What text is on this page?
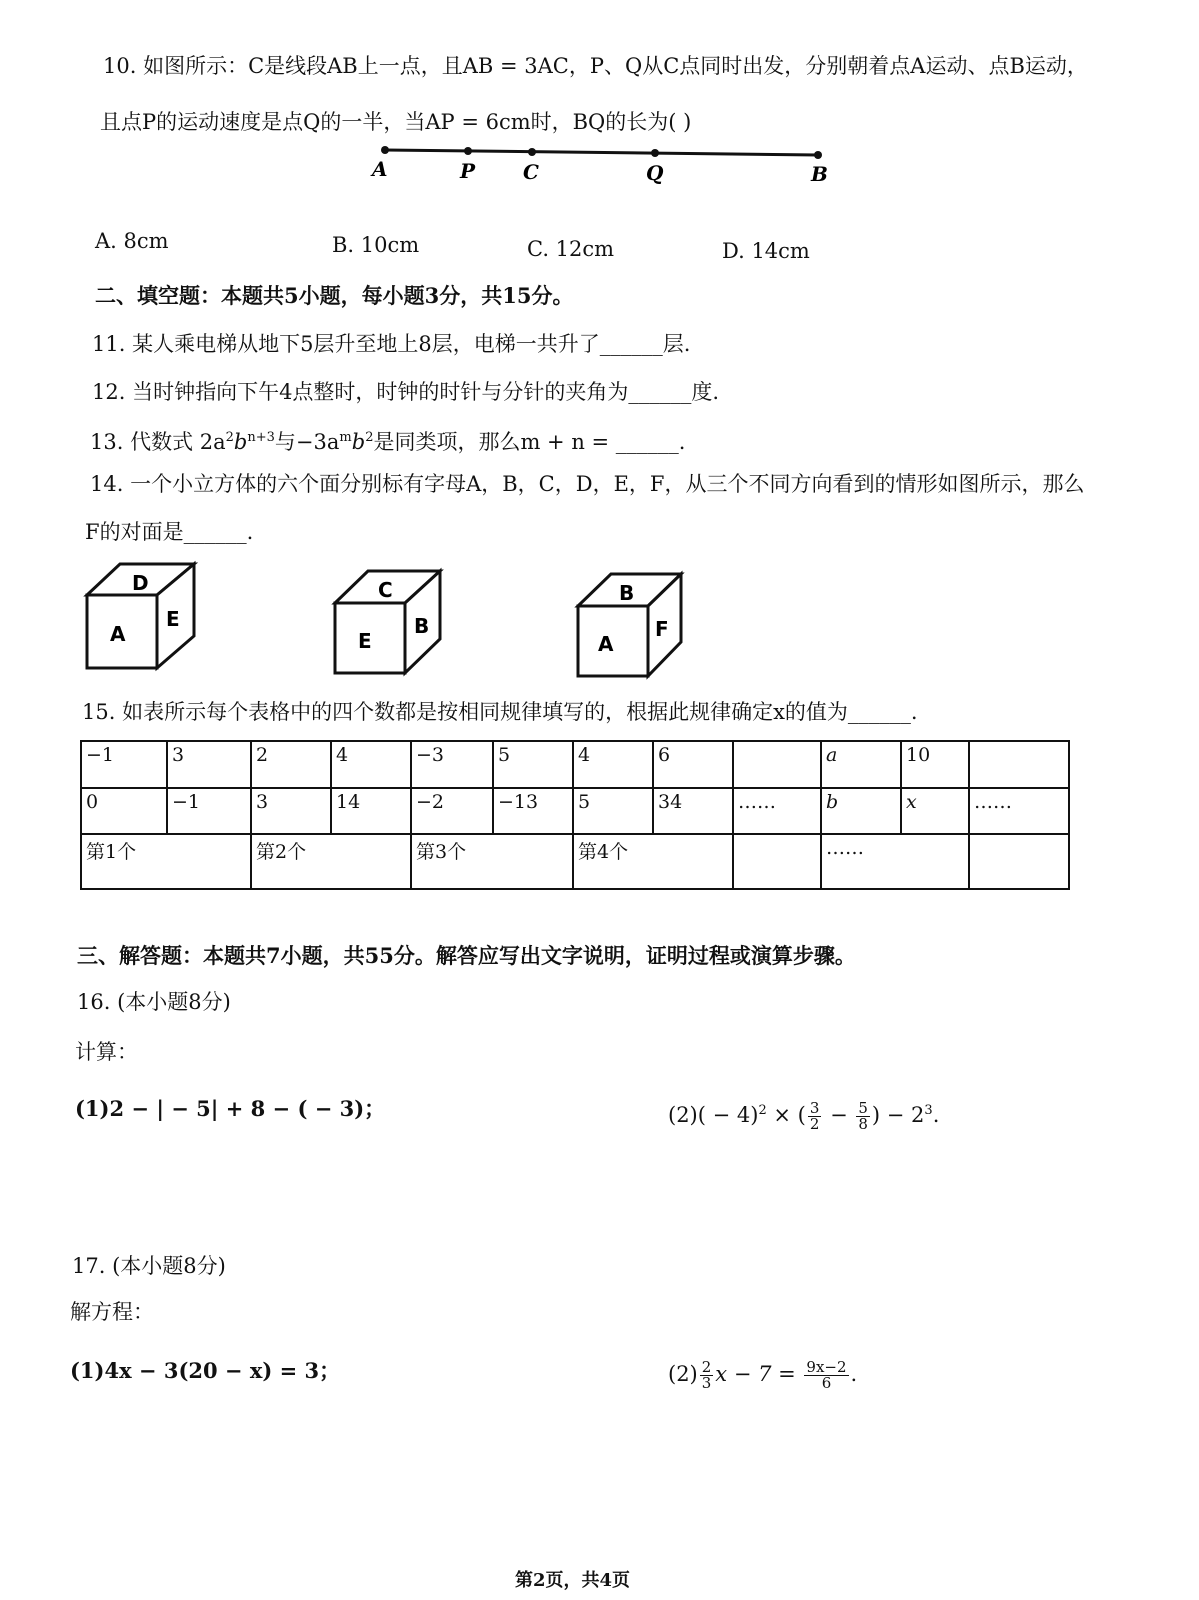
10. 如图所示：C是线段AB上一点，且AB = 3AC，P、Q从C点同时出发，分别朝着点A运动、点B运动，
且点P的运动速度是点Q的一半，当AP = 6cm时，BQ的长为( )
A	P C	Q	B
A. 8cm	B. 10cm	C. 12cm	D. 14cm
二、填空题：本题共5小题，每小题3分，共15分。
11. 某人乘电梯从地下5层升至地上8层，电梯一共升了______层.
12. 当时钟指向下午4点整时，时钟的时针与分针的夹角为______度.
13. 代数式 $2a^2b^{n+3}$与$-3a^mb^2$是同类项，那么m + n = ______.
14. 一个小立方体的六个面分别标有字母A，B，C，D，E，F，从三个不同方向看到的情形如图所示，那么
F的对面是______.
D
A
E
C
E
B
B
A
F
15. 如表所示每个表格中的四个数都是按相同规律填写的，根据此规律确定x的值为______.
−1	3	2	4	−3	5	4	6		a	10	
0	−1	3	14	−2	−13	5	34	……	b	x	……
第1个		第2个		第3个		第4个			……		
三、解答题：本题共7小题，共55分。解答应写出文字说明，证明过程或演算步骤。
16. (本小题8分)
计算：
(1)2 − | − 5| + 8 − ( − 3)；	$(2)( - 4)^2$ × ( $\frac{3}{2} - \frac{5}{8}$ ) − $2^3$.
17. (本小题8分)
解方程：
(1)4x − 3(20 − x) = 3；	$(2) \frac{2}{3}$ $x - 7 = \frac{9x-2}{6}$ .
第2页，共4页
